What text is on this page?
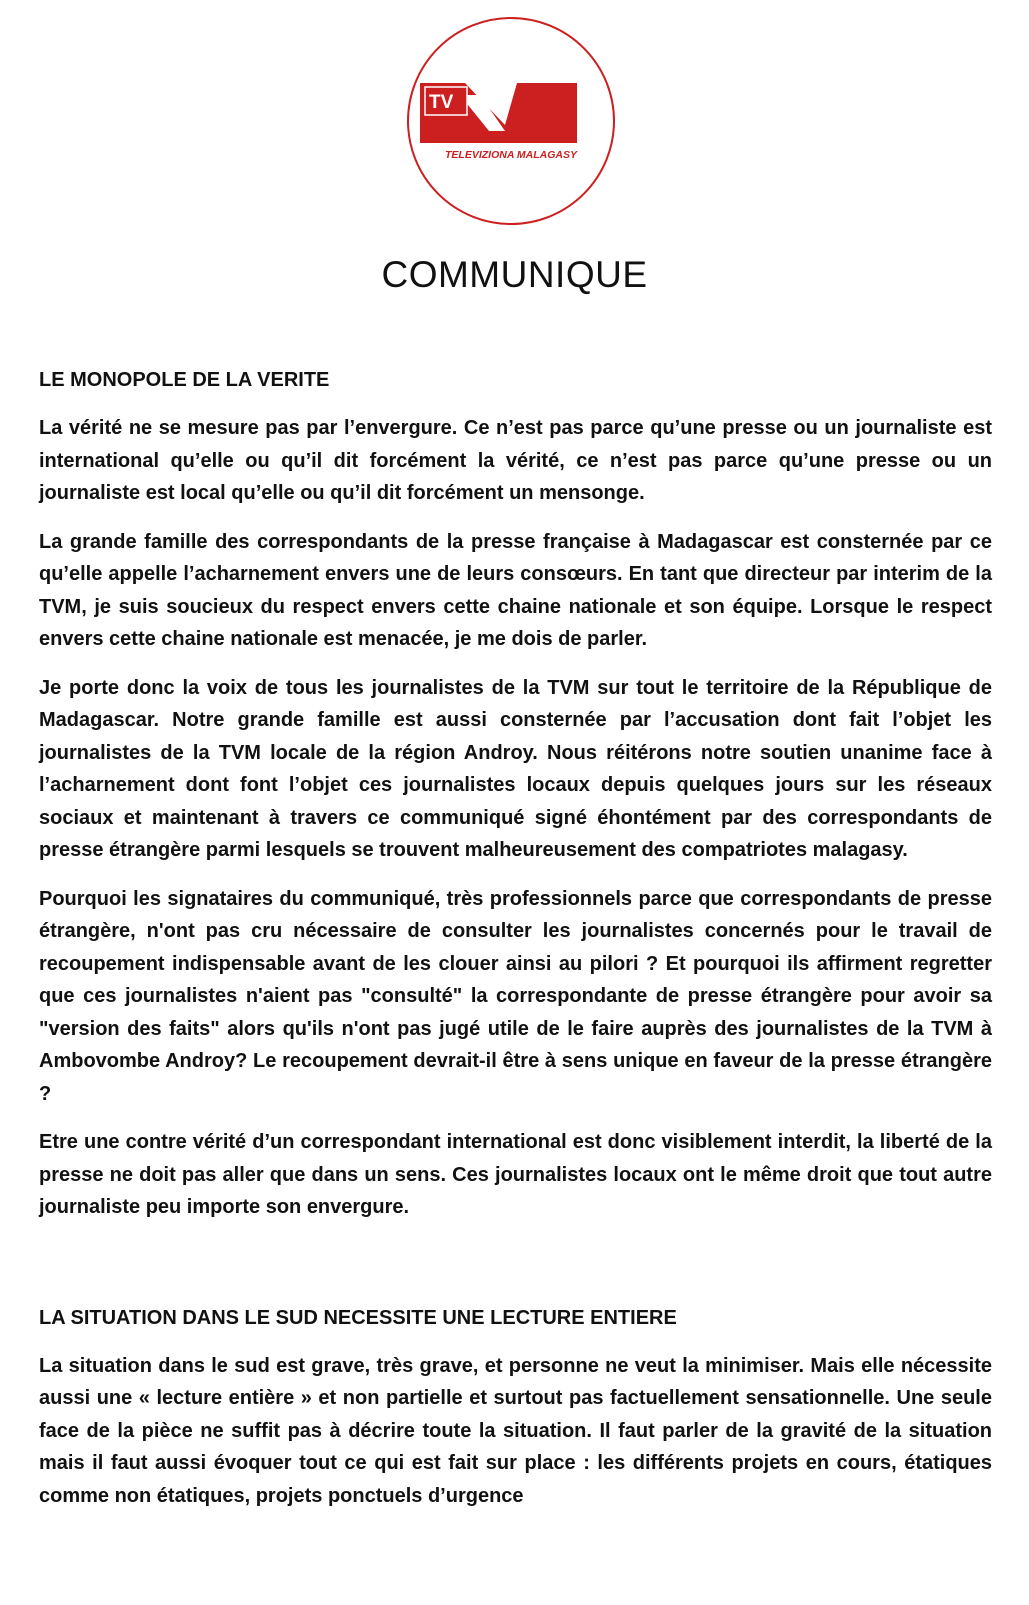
TV
TELEVIZIONA MALAGASY
COMMUNIQUE
LE MONOPOLE DE LA VERITE

La vérité ne se mesure pas par l’envergure. Ce n’est pas parce qu’une presse ou un journaliste est international qu’elle ou qu’il dit forcément la vérité, ce n’est pas parce qu’une presse ou un journaliste est local qu’elle ou qu’il dit forcément un mensonge.

La grande famille des correspondants de la presse française à Madagascar est consternée par ce qu’elle appelle l’acharnement envers une de leurs consœurs. En tant que directeur par interim de la TVM, je suis soucieux du respect envers cette chaine nationale et son équipe. Lorsque le respect envers cette chaine nationale est menacée, je me dois de parler.

Je porte donc la voix de tous les journalistes de la TVM sur tout le territoire de la République de Madagascar. Notre grande famille est aussi consternée par l’accusation dont fait l’objet les journalistes de la TVM locale de la région Androy. Nous réitérons notre soutien unanime face à l’acharnement dont font l’objet ces journalistes locaux depuis quelques jours sur les réseaux sociaux et maintenant à travers ce communiqué signé éhontément par des correspondants de presse étrangère parmi lesquels se trouvent malheureusement des compatriotes malagasy.

Pourquoi les signataires du communiqué, très professionnels parce que correspondants de presse étrangère, n'ont pas cru nécessaire de consulter les journalistes concernés pour le travail de recoupement indispensable avant de les clouer ainsi au pilori ? Et pourquoi ils affirment regretter que ces journalistes n'aient pas "consulté" la correspondante de presse étrangère pour avoir sa "version des faits" alors qu'ils n'ont pas jugé utile de le faire auprès des journalistes de la TVM à Ambovombe Androy? Le recoupement devrait-il être à sens unique en faveur de la presse étrangère ?

Etre une contre vérité d’un correspondant international est donc visiblement interdit, la liberté de la presse ne doit pas aller que dans un sens. Ces journalistes locaux ont le même droit que tout autre journaliste peu importe son envergure.

LA SITUATION DANS LE SUD NECESSITE UNE LECTURE ENTIERE

La situation dans le sud est grave, très grave, et personne ne veut la minimiser. Mais elle nécessite aussi une « lecture entière » et non partielle et surtout pas factuellement sensationnelle. Une seule face de la pièce ne suffit pas à décrire toute la situation. Il faut parler de la gravité de la situation mais il faut aussi évoquer tout ce qui est fait sur place : les différents projets en cours, étatiques comme non étatiques, projets ponctuels d’urgence
